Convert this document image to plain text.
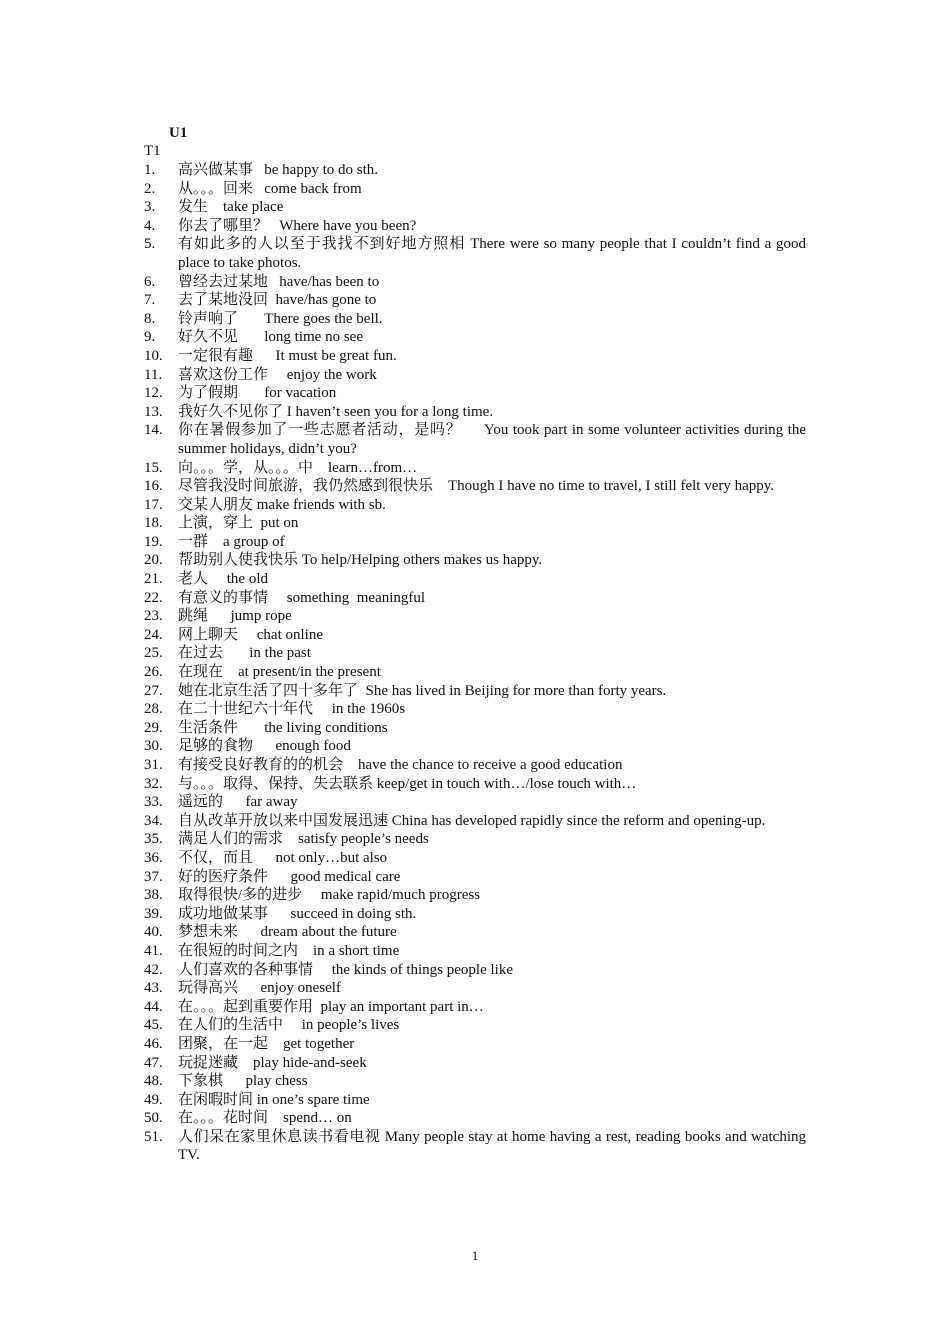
U1
T1
1.	高兴做某事   be happy to do sth.
2.	从。。。回来   come back from
3.	发生    take place
4.	你去了哪里？   Where have you been?
5.	有如此多的人以至于我找不到好地方照相 There were so many people that I couldn’t find a good place to take photos.
6.	曾经去过某地   have/has been to
7.	去了某地没回  have/has gone to
8.	铃声响了       There goes the bell.
9.	好久不见       long time no see
10.	一定很有趣      It must be great fun.
11.	喜欢这份工作     enjoy the work
12.	为了假期       for vacation
13.	我好久不见你了 I haven’t seen you for a long time.
14.	你在暑假参加了一些志愿者活动，是吗？     You took part in some volunteer activities during the summer holidays, didn’t you?
15.	向。。。学，从。。。中    learn…from…
16.	尽管我没时间旅游，我仍然感到很快乐    Though I have no time to travel, I still felt very happy.
17.	交某人朋友 make friends with sb.
18.	上演，穿上  put on
19.	一群    a group of
20.	帮助别人使我快乐 To help/Helping others makes us happy.
21.	老人     the old
22.	有意义的事情     something  meaningful
23.	跳绳      jump rope
24.	网上聊天     chat online
25.	在过去       in the past
26.	在现在    at present/in the present
27.	她在北京生活了四十多年了  She has lived in Beijing for more than forty years.
28.	在二十世纪六十年代     in the 1960s
29.	生活条件       the living conditions
30.	足够的食物      enough food
31.	有接受良好教育的的机会    have the chance to receive a good education
32.	与。。。取得、保持、失去联系 keep/get in touch with…/lose touch with…
33.	遥远的      far away
34.	自从改革开放以来中国发展迅速 China has developed rapidly since the reform and opening-up.
35.	满足人们的需求    satisfy people’s needs
36.	不仅，而且      not only…but also
37.	好的医疗条件      good medical care
38.	取得很快/多的进步     make rapid/much progress
39.	成功地做某事      succeed in doing sth.
40.	梦想未来      dream about the future
41.	在很短的时间之内    in a short time
42.	人们喜欢的各种事情     the kinds of things people like
43.	玩得高兴      enjoy oneself
44.	在。。。起到重要作用  play an important part in…
45.	在人们的生活中     in people’s lives
46.	团聚，在一起    get together
47.	玩捉迷藏    play hide-and-seek
48.	下象棋      play chess
49.	在闲暇时间 in one’s spare time
50.	在。。。花时间    spend… on
51.	人们呆在家里休息读书看电视 Many people stay at home having a rest, reading books and watching TV.
1
